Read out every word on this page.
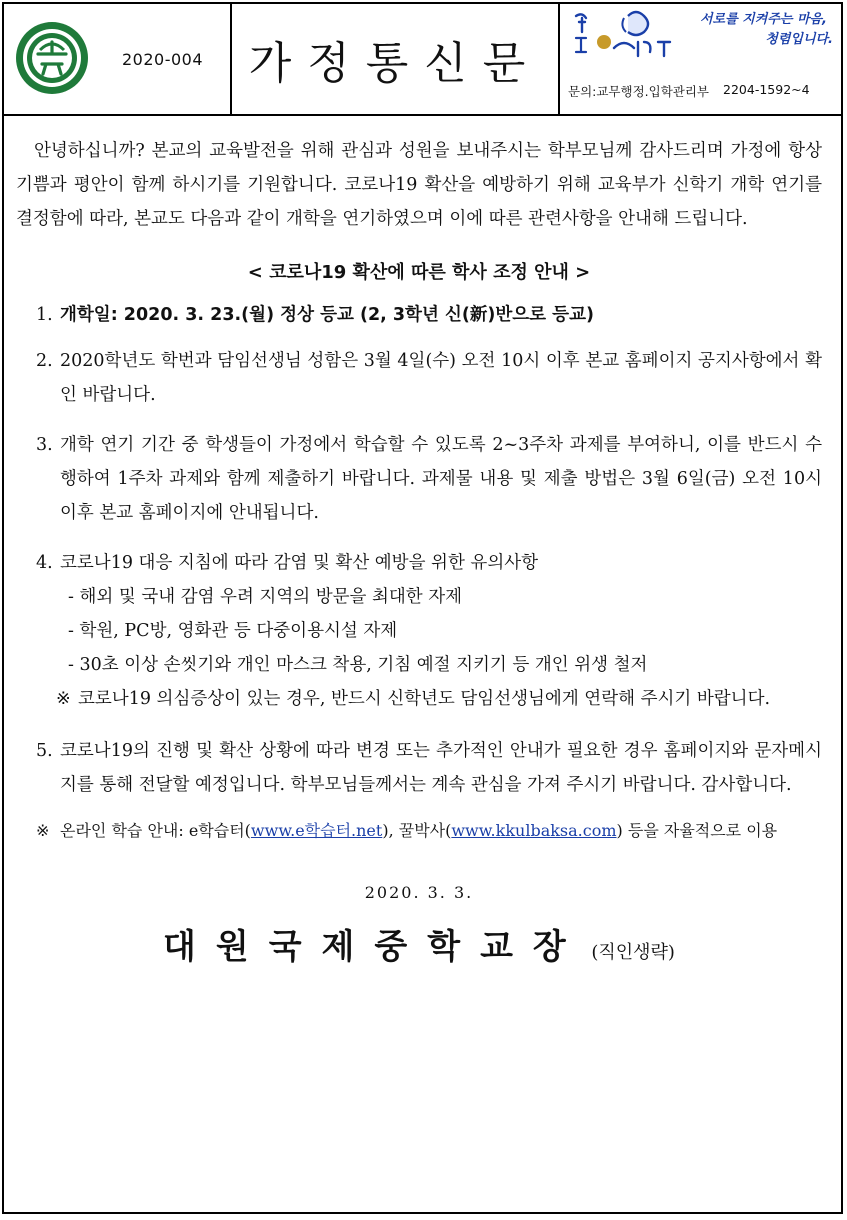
2020-004 가정통신문
서로를 지켜주는 마음,
청렴입니다.
문의:교무행정.입학관리부 2204-1592~4

안녕하십니까? 본교의 교육발전을 위해 관심과 성원을 보내주시는 학부모님께 감사드리며 가정에 항상 기쁨과 평안이 함께 하시기를 기원합니다. 코로나19 확산을 예방하기 위해 교육부가 신학기 개학 연기를 결정함에 따라, 본교도 다음과 같이 개학을 연기하였으며 이에 따른 관련사항을 안내해 드립니다.

< 코로나19 확산에 따른 학사 조정 안내 >

1. 개학일: 2020. 3. 23.(월) 정상 등교 (2, 3학년 신(新)반으로 등교)

2. 2020학년도 학번과 담임선생님 성함은 3월 4일(수) 오전 10시 이후 본교 홈페이지 공지사항에서 확인 바랍니다.

3. 개학 연기 기간 중 학생들이 가정에서 학습할 수 있도록 2~3주차 과제를 부여하니, 이를 반드시 수행하여 1주차 과제와 함께 제출하기 바랍니다. 과제물 내용 및 제출 방법은 3월 6일(금) 오전 10시 이후 본교 홈페이지에 안내됩니다.

4. 코로나19 대응 지침에 따라 감염 및 확산 예방을 위한 유의사항

- 해외 및 국내 감염 우려 지역의 방문을 최대한 자제

- 학원, PC방, 영화관 등 다중이용시설 자제

- 30초 이상 손씻기와 개인 마스크 착용, 기침 예절 지키기 등 개인 위생 철저

※ 코로나19 의심증상이 있는 경우, 반드시 신학년도 담임선생님에게 연락해 주시기 바랍니다.

5. 코로나19의 진행 및 확산 상황에 따라 변경 또는 추가적인 안내가 필요한 경우 홈페이지와 문자메시지를 통해 전달할 예정입니다. 학부모님들께서는 계속 관심을 가져 주시기 바랍니다. 감사합니다.

※ 온라인 학습 안내: e학습터(www.e학습터.net), 꿀박사(www.kkulbaksa.com) 등을 자율적으로 이용

2020. 3. 3.
대원국제중학교장 (직인생략)
